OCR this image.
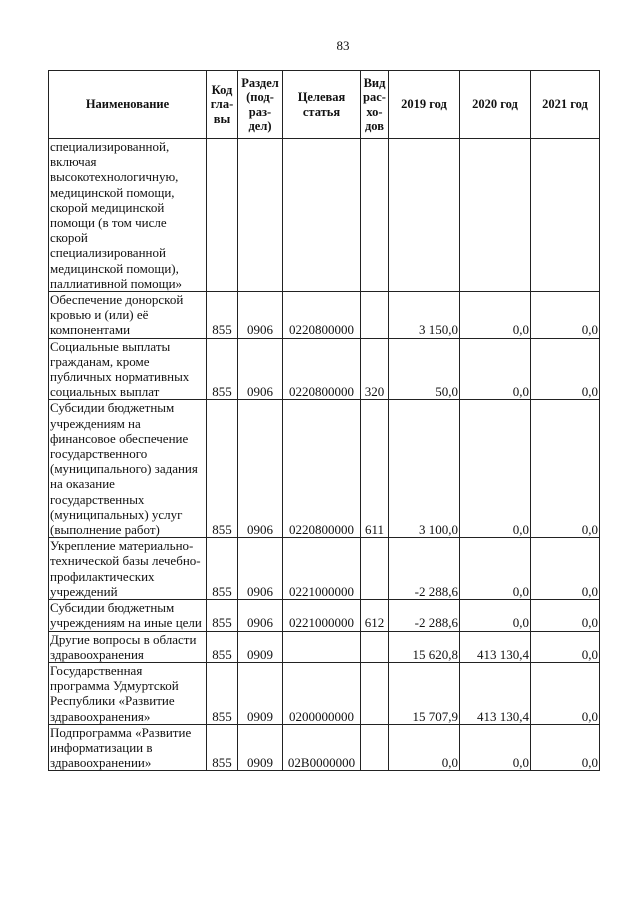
83
Наименование	Код гла-вы	Раздел (под-раз-дел)	Целевая статья	Вид рас-хо-дов	2019 год	2020 год	2021 год
специализированной, включая высокотехнологичную, медицинской помощи, скорой медицинской помощи (в том числе скорой специализированной медицинской помощи), паллиативной помощи»							
Обеспечение донорской кровью и (или) её компонентами	855	0906	0220800000		3 150,0	0,0	0,0
Социальные выплаты гражданам, кроме публичных нормативных социальных выплат	855	0906	0220800000	320	50,0	0,0	0,0
Субсидии бюджетным учреждениям на финансовое обеспечение государственного (муниципального) задания на оказание государственных (муниципальных) услуг (выполнение работ)	855	0906	0220800000	611	3 100,0	0,0	0,0
Укрепление материально-технической базы лечебно-профилактических учреждений	855	0906	0221000000		-2 288,6	0,0	0,0
Субсидии бюджетным учреждениям на иные цели	855	0906	0221000000	612	-2 288,6	0,0	0,0
Другие вопросы в области здравоохранения	855	0909			15 620,8	413 130,4	0,0
Государственная программа Удмуртской Республики «Развитие здравоохранения»	855	0909	0200000000		15 707,9	413 130,4	0,0
Подпрограмма «Развитие информатизации в здравоохранении»	855	0909	02В0000000		0,0	0,0	0,0
